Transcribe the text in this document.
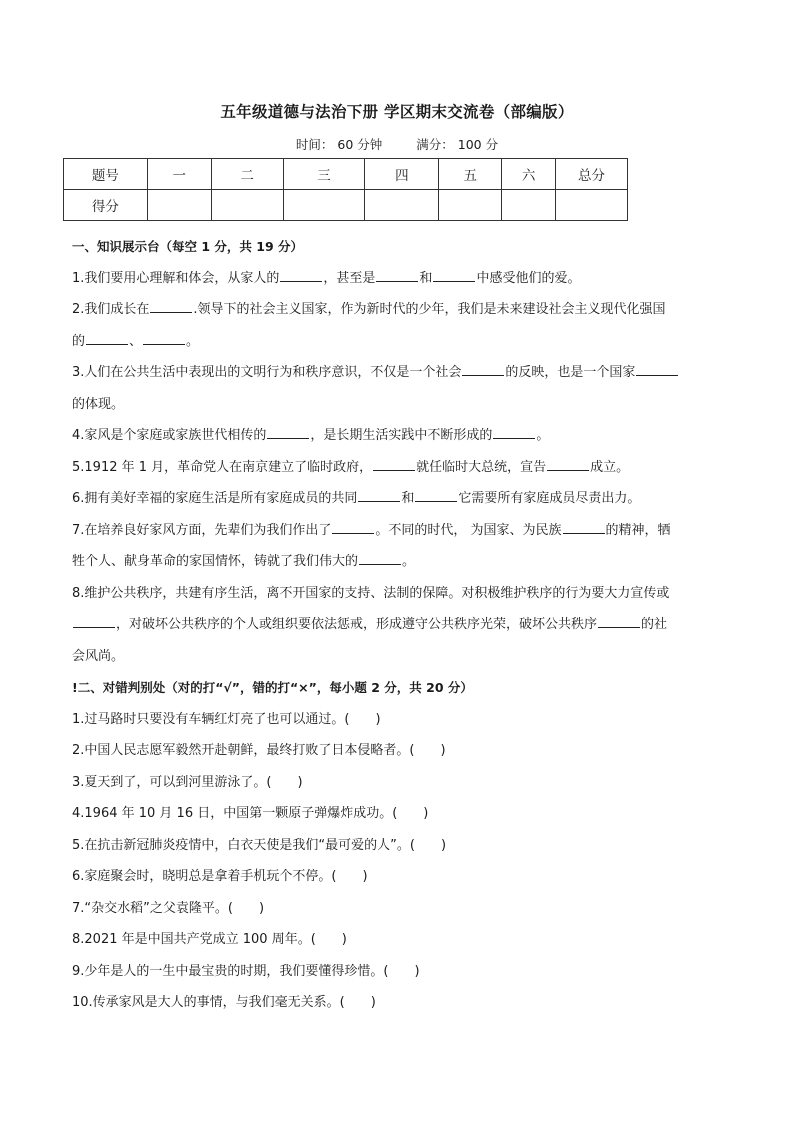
五年级道德与法治下册 学区期末交流卷（部编版）
时间： 60 分钟	满分： 100 分
题号	一	二	三	四	五	六	总分
得分							

一、知识展示台（每空 1 分，共 19 分）

1.我们要用心理解和体会，从家人的	，甚至是	和	中感受他们的爱。

2.我们成长在	.领导下的社会主义国家，作为新时代的少年，我们是未来建设社会主义现代化强国
的	、	。

3.人们在公共生活中表现出的文明行为和秩序意识，不仅是一个社会	的反映，也是一个国家
的体现。

4.家风是个家庭或家族世代相传的	，是长期生活实践中不断形成的	。

5.1912 年 1 月，革命党人在南京建立了临时政府，	就任临时大总统，宣告	成立。

6.拥有美好幸福的家庭生活是所有家庭成员的共同	和	它需要所有家庭成员尽责出力。

7.在培养良好家风方面，先辈们为我们作出了	。不同的时代， 为国家、为民族	的精神，牺
牲个人、献身革命的家国情怀，铸就了我们伟大的	。

8.维护公共秩序，共建有序生活，离不开国家的支持、法制的保障。对积极维护秩序的行为要大力宣传或
，对破坏公共秩序的个人或组织要依法惩戒，形成遵守公共秩序光荣，破坏公共秩序	的社
会风尚。

!二、对错判别处（对的打“√”，错的打“×”，每小题 2 分，共 20 分）

1.过马路时只要没有车辆红灯亮了也可以通过。(　　)

2.中国人民志愿军毅然开赴朝鲜，最终打败了日本侵略者。(　　)

3.夏天到了，可以到河里游泳了。(　　)

4.1964 年 10 月 16 日，中国第一颗原子弹爆炸成功。(　　)

5.在抗击新冠肺炎疫情中，白衣天使是我们“最可爱的人”。(　　)

6.家庭聚会时，晓明总是拿着手机玩个不停。(　　)

7.“杂交水稻”之父袁隆平。(　　)

8.2021 年是中国共产党成立 100 周年。(　　)

9.少年是人的一生中最宝贵的时期，我们要懂得珍惜。(　　)

10.传承家风是大人的事情，与我们毫无关系。(　　)
